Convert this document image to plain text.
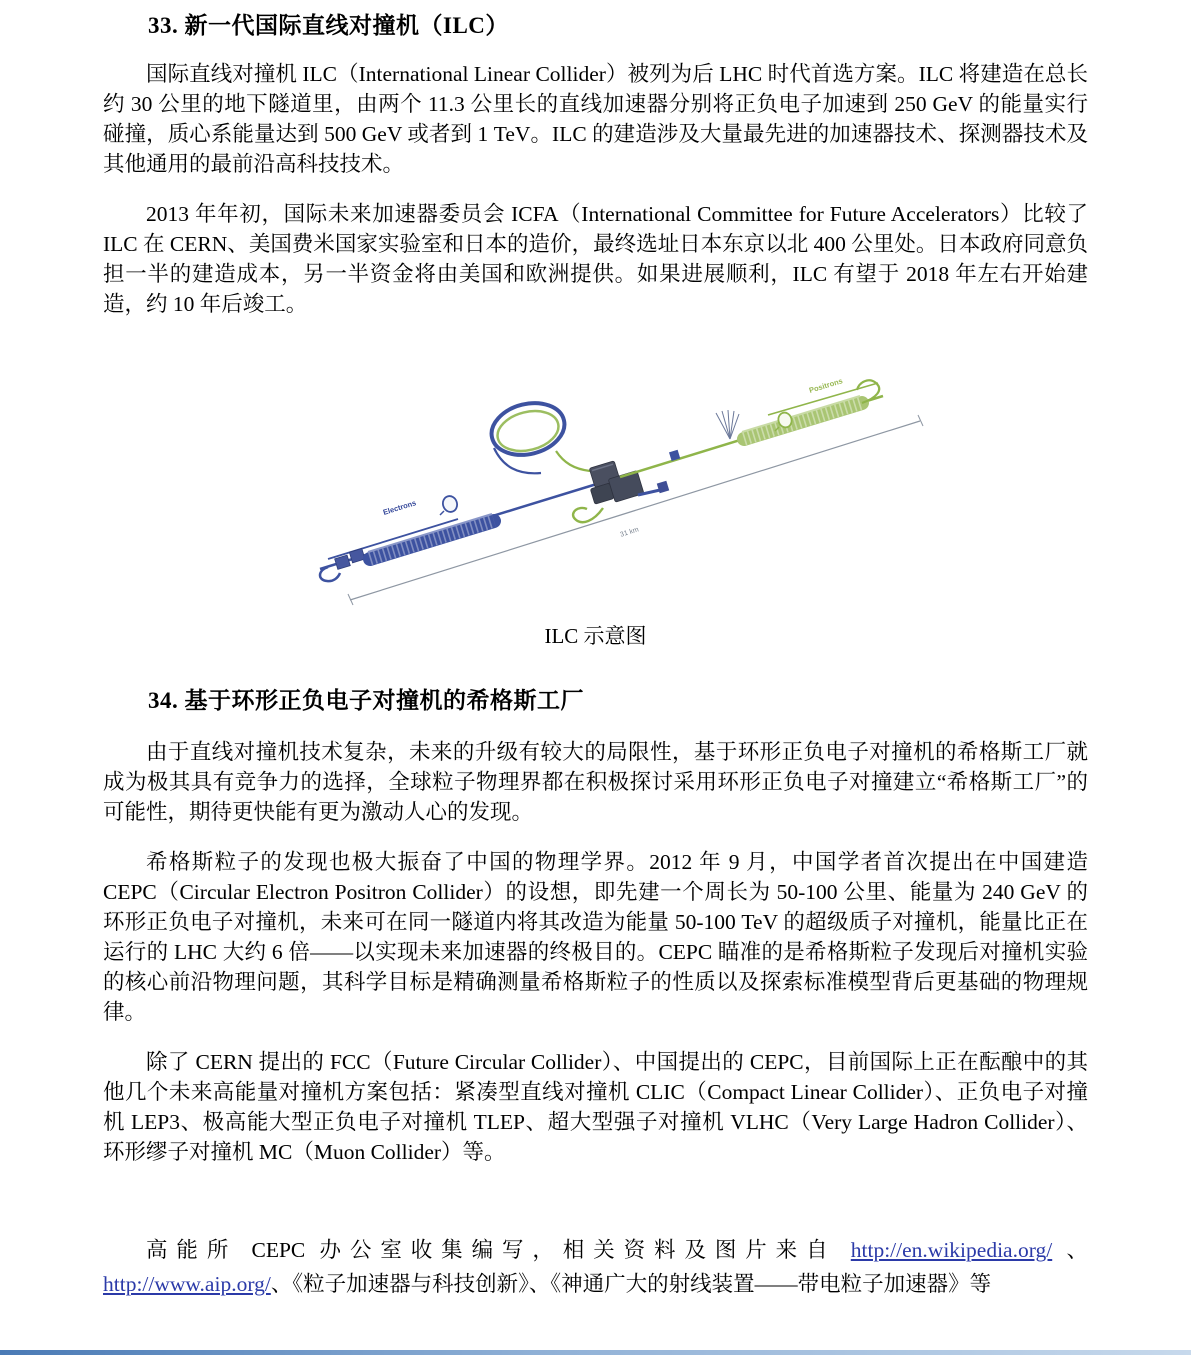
33. 新一代国际直线对撞机（ILC）

国际直线对撞机 ILC（International Linear Collider）被列为后 LHC 时代首选方案。ILC 将建造在总长约 30 公里的地下隧道里，由两个 11.3 公里长的直线加速器分别将正负电子加速到 250 GeV 的能量实行碰撞，质心系能量达到 500 GeV 或者到 1 TeV。ILC 的建造涉及大量最先进的加速器技术、探测器技术及其他通用的最前沿高科技技术。

2013 年年初，国际未来加速器委员会 ICFA（International Committee for Future Accelerators）比较了 ILC 在 CERN、美国费米国家实验室和日本的造价，最终选址日本东京以北 400 公里处。日本政府同意负担一半的建造成本，另一半资金将由美国和欧洲提供。如果进展顺利，ILC 有望于 2018 年左右开始建造，约 10 年后竣工。

31 km
Electrons
Positrons
ILC 示意图
34. 基于环形正负电子对撞机的希格斯工厂

由于直线对撞机技术复杂，未来的升级有较大的局限性，基于环形正负电子对撞机的希格斯工厂就成为极其具有竞争力的选择，全球粒子物理界都在积极探讨采用环形正负电子对撞建立“希格斯工厂”的可能性，期待更快能有更为激动人心的发现。

希格斯粒子的发现也极大振奋了中国的物理学界。2012 年 9 月，中国学者首次提出在中国建造 CEPC（Circular Electron Positron Collider）的设想，即先建一个周长为 50-100 公里、能量为 240 GeV 的环形正负电子对撞机，未来可在同一隧道内将其改造为能量 50-100 TeV 的超级质子对撞机，能量比正在运行的 LHC 大约 6 倍——以实现未来加速器的终极目的。CEPC 瞄准的是希格斯粒子发现后对撞机实验的核心前沿物理问题，其科学目标是精确测量希格斯粒子的性质以及探索标准模型背后更基础的物理规律。

除了 CERN 提出的 FCC（Future Circular Collider）、中国提出的 CEPC，目前国际上正在酝酿中的其他几个未来高能量对撞机方案包括：紧凑型直线对撞机 CLIC（Compact Linear Collider）、正负电子对撞机 LEP3、极高能大型正负电子对撞机 TLEP、超大型强子对撞机 VLHC（Very Large Hadron Collider）、环形缪子对撞机 MC（Muon Collider）等。

高能所 CEPC 办公室收集编写，相关资料及图片来自 http://en.wikipedia.org/ 、
http://www.aip.org/、《粒子加速器与科技创新》、《神通广大的射线装置——带电粒子加速器》等
